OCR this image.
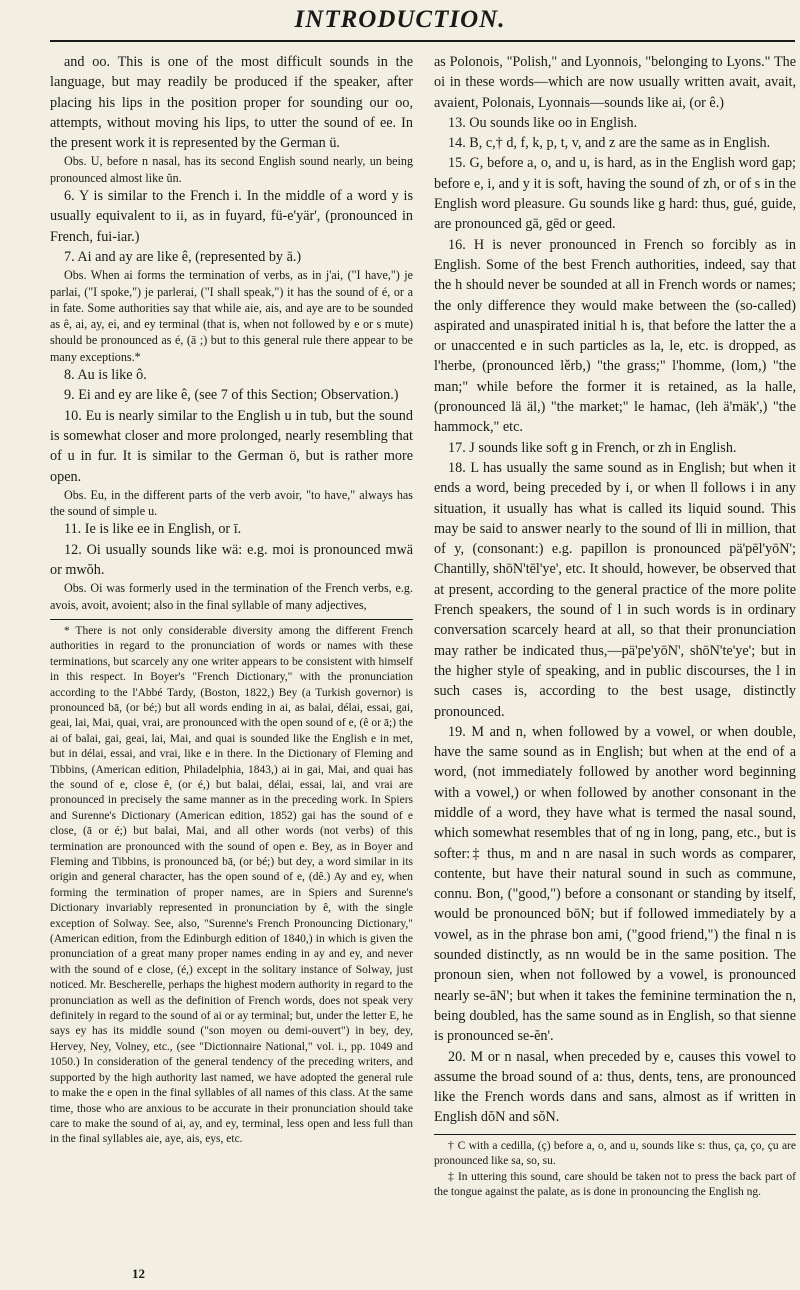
INTRODUCTION.

and oo. This is one of the most difficult sounds in the language, but may readily be produced if the speaker, after placing his lips in the position proper for sounding our oo, attempts, without moving his lips, to utter the sound of ee. In the present work it is represented by the German ü.

Obs. U, before n nasal, has its second English sound nearly, un being pronounced almost like ŭn.

6. Y is similar to the French i. In the middle of a word y is usually equivalent to ii, as in fuyard, fü-e'yär', (pronounced in French, fui-iar.)

7. Ai and ay are like ê, (represented by ā.)

Obs. When ai forms the termination of verbs, as in j'ai, ("I have,") je parlai, ("I spoke,") je parlerai, ("I shall speak,") it has the sound of é, or a in fate. Some authorities say that while aie, ais, and aye are to be sounded as ê, ai, ay, ei, and ey terminal (that is, when not followed by e or s mute) should be pronounced as é, (ā ;) but to this general rule there appear to be many exceptions.*

8. Au is like ô.

9. Ei and ey are like ê, (see 7 of this Section; Observation.)

10. Eu is nearly similar to the English u in tub, but the sound is somewhat closer and more prolonged, nearly resembling that of u in fur. It is similar to the German ö, but is rather more open.

Obs. Eu, in the different parts of the verb avoir, "to have," always has the sound of simple u.

11. Ie is like ee in English, or ī.

12. Oi usually sounds like wä: e.g. moi is pronounced mwä or mwŏh.

Obs. Oi was formerly used in the termination of the French verbs, e.g. avois, avoit, avoient; also in the final syllable of many adjectives,

* There is not only considerable diversity among the different French authorities in regard to the pronunciation of words or names with these terminations, but scarcely any one writer appears to be consistent with himself in this respect. In Boyer's "French Dictionary," with the pronunciation according to the l'Abbé Tardy, (Boston, 1822,) Bey (a Turkish governor) is pronounced bā, (or bé;) but all words ending in ai, as balai, délai, essai, gai, geai, lai, Mai, quai, vrai, are pronounced with the open sound of e, (ê or ā;) the ai of balai, gai, geai, lai, Mai, and quai is sounded like the English e in met, but in délai, essai, and vrai, like e in there. In the Dictionary of Fleming and Tibbins, (American edition, Philadelphia, 1843,) ai in gai, Mai, and quai has the sound of e, close ê, (or é,) but balai, délai, essai, lai, and vrai are pronounced in precisely the same manner as in the preceding work. In Spiers and Surenne's Dictionary (American edition, 1852) gai has the sound of e close, (ā or é;) but balai, Mai, and all other words (not verbs) of this termination are pronounced with the sound of open e. Bey, as in Boyer and Fleming and Tibbins, is pronounced bā, (or bé;) but dey, a word similar in its origin and general character, has the open sound of e, (dê.) Ay and ey, when forming the termination of proper names, are in Spiers and Surenne's Dictionary invariably represented in pronunciation by ê, with the single exception of Solway. See, also, "Surenne's French Pronouncing Dictionary,"(American edition, from the Edinburgh edition of 1840,) in which is given the pronunciation of a great many proper names ending in ay and ey, and never with the sound of e close, (é,) except in the solitary instance of Solway, just noticed. Mr. Bescherelle, perhaps the highest modern authority in regard to the pronunciation as well as the definition of French words, does not speak very definitely in regard to the sound of ai or ay terminal; but, under the letter E, he says ey has its middle sound ("son moyen ou demi-ouvert") in bey, dey, Hervey, Ney, Volney, etc., (see "Dictionnaire National," vol. i., pp. 1049 and 1050.) In consideration of the general tendency of the preceding writers, and supported by the high authority last named, we have adopted the general rule to make the e open in the final syllables of all names of this class. At the same time, those who are anxious to be accurate in their pronunciation should take care to make the sound of ai, ay, and ey, terminal, less open and less full than in the final syllables aie, aye, ais, eys, etc.

as Polonois, "Polish," and Lyonnois, "belonging to Lyons." The oi in these words—which are now usually written avait, avait, avaient, Polonais, Lyonnais—sounds like ai, (or ê.)

13. Ou sounds like oo in English.

14. B, c,† d, f, k, p, t, v, and z are the same as in English.

15. G, before a, o, and u, is hard, as in the English word gap; before e, i, and y it is soft, having the sound of zh, or of s in the English word pleasure. Gu sounds like g hard: thus, gué, guide, are pronounced gā, gēd or geed.

16. H is never pronounced in French so forcibly as in English. Some of the best French authorities, indeed, say that the h should never be sounded at all in French words or names; the only difference they would make between the (so-called) aspirated and unaspirated initial h is, that before the latter the a or unaccented e in such particles as la, le, etc. is dropped, as l'herbe, (pronounced lěrb,) "the grass;" l'homme, (lom,) "the man;" while before the former it is retained, as la halle, (pronounced lä äl,) "the market;" le hamac, (leh ä'mäk',) "the hammock," etc.

17. J sounds like soft g in French, or zh in English.

18. L has usually the same sound as in English; but when it ends a word, being preceded by i, or when ll follows i in any situation, it usually has what is called its liquid sound. This may be said to answer nearly to the sound of lli in million, that of y, (consonant:) e.g. papillon is pronounced pä'pēl'yōN'; Chantilly, shōN'tēl'ye', etc. It should, however, be observed that at present, according to the general practice of the more polite French speakers, the sound of l in such words is in ordinary conversation scarcely heard at all, so that their pronunciation may rather be indicated thus,—pä'pe'yōN', shōN'te'ye'; but in the higher style of speaking, and in public discourses, the l in such cases is, according to the best usage, distinctly pronounced.

19. M and n, when followed by a vowel, or when double, have the same sound as in English; but when at the end of a word, (not immediately followed by another word beginning with a vowel,) or when followed by another consonant in the middle of a word, they have what is termed the nasal sound, which somewhat resembles that of ng in long, pang, etc., but is softer:‡ thus, m and n are nasal in such words as comparer, contente, but have their natural sound in such as commune, connu. Bon, ("good,") before a consonant or standing by itself, would be pronounced bōN; but if followed immediately by a vowel, as in the phrase bon ami, ("good friend,") the final n is sounded distinctly, as nn would be in the same position. The pronoun sien, when not followed by a vowel, is pronounced nearly se-āN'; but when it takes the feminine termination the n, being doubled, has the same sound as in English, so that sienne is pronounced se-ĕn'.

20. M or n nasal, when preceded by e, causes this vowel to assume the broad sound of a: thus, dents, tens, are pronounced like the French words dans and sans, almost as if written in English dŏN and sŏN.

† C with a cedilla, (ç) before a, o, and u, sounds like s: thus, ça, ço, çu are pronounced like sa, so, su.

‡ In uttering this sound, care should be taken not to press the back part of the tongue against the palate, as is done in pronouncing the English ng.

12
